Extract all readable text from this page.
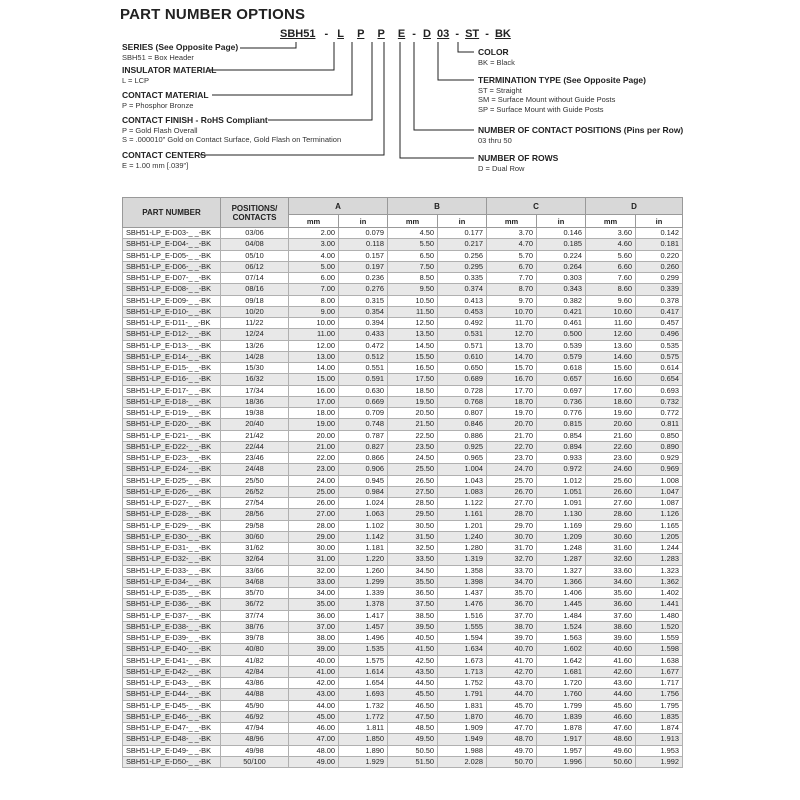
PART NUMBER OPTIONS
SBH51 - L P P E - D 03 - ST - BK
SERIES (See Opposite Page)
SBH51 = Box Header
INSULATOR MATERIAL
L = LCP
CONTACT MATERIAL
P = Phosphor Bronze
CONTACT FINISH - RoHS Compliant
P = Gold Flash Overall
S = .000010" Gold on Contact Surface, Gold Flash on Termination
CONTACT CENTERS
E = 1.00 mm [.039"]
COLOR
BK = Black
TERMINATION TYPE (See Opposite Page)
ST = Straight
SM = Surface Mount without Guide Posts
SP = Surface Mount with Guide Posts
NUMBER OF CONTACT POSITIONS (Pins per Row)
03 thru 50
NUMBER OF ROWS
D = Dual Row
PART NUMBER	POSITIONS/ CONTACTS	A		B		C		D	
		mm	in	mm	in	mm	in	mm	in
SBH51-LP_E-D03-_ _-BK	03/06	2.00	0.079	4.50	0.177	3.70	0.146	3.60	0.142
SBH51-LP_E-D04-_ _-BK	04/08	3.00	0.118	5.50	0.217	4.70	0.185	4.60	0.181
SBH51-LP_E-D05-_ _-BK	05/10	4.00	0.157	6.50	0.256	5.70	0.224	5.60	0.220
SBH51-LP_E-D06-_ _-BK	06/12	5.00	0.197	7.50	0.295	6.70	0.264	6.60	0.260
SBH51-LP_E-D07-_ _-BK	07/14	6.00	0.236	8.50	0.335	7.70	0.303	7.60	0.299
SBH51-LP_E-D08-_ _-BK	08/16	7.00	0.276	9.50	0.374	8.70	0.343	8.60	0.339
SBH51-LP_E-D09-_ _-BK	09/18	8.00	0.315	10.50	0.413	9.70	0.382	9.60	0.378
SBH51-LP_E-D10-_ _-BK	10/20	9.00	0.354	11.50	0.453	10.70	0.421	10.60	0.417
SBH51-LP_E-D11-_ _-BK	11/22	10.00	0.394	12.50	0.492	11.70	0.461	11.60	0.457
SBH51-LP_E-D12-_ _-BK	12/24	11.00	0.433	13.50	0.531	12.70	0.500	12.60	0.496
SBH51-LP_E-D13-_ _-BK	13/26	12.00	0.472	14.50	0.571	13.70	0.539	13.60	0.535
SBH51-LP_E-D14-_ _-BK	14/28	13.00	0.512	15.50	0.610	14.70	0.579	14.60	0.575
SBH51-LP_E-D15-_ _-BK	15/30	14.00	0.551	16.50	0.650	15.70	0.618	15.60	0.614
SBH51-LP_E-D16-_ _-BK	16/32	15.00	0.591	17.50	0.689	16.70	0.657	16.60	0.654
SBH51-LP_E-D17-_ _-BK	17/34	16.00	0.630	18.50	0.728	17.70	0.697	17.60	0.693
SBH51-LP_E-D18-_ _-BK	18/36	17.00	0.669	19.50	0.768	18.70	0.736	18.60	0.732
SBH51-LP_E-D19-_ _-BK	19/38	18.00	0.709	20.50	0.807	19.70	0.776	19.60	0.772
SBH51-LP_E-D20-_ _-BK	20/40	19.00	0.748	21.50	0.846	20.70	0.815	20.60	0.811
SBH51-LP_E-D21-_ _-BK	21/42	20.00	0.787	22.50	0.886	21.70	0.854	21.60	0.850
SBH51-LP_E-D22-_ _-BK	22/44	21.00	0.827	23.50	0.925	22.70	0.894	22.60	0.890
SBH51-LP_E-D23-_ _-BK	23/46	22.00	0.866	24.50	0.965	23.70	0.933	23.60	0.929
SBH51-LP_E-D24-_ _-BK	24/48	23.00	0.906	25.50	1.004	24.70	0.972	24.60	0.969
SBH51-LP_E-D25-_ _-BK	25/50	24.00	0.945	26.50	1.043	25.70	1.012	25.60	1.008
SBH51-LP_E-D26-_ _-BK	26/52	25.00	0.984	27.50	1.083	26.70	1.051	26.60	1.047
SBH51-LP_E-D27-_ _-BK	27/54	26.00	1.024	28.50	1.122	27.70	1.091	27.60	1.087
SBH51-LP_E-D28-_ _-BK	28/56	27.00	1.063	29.50	1.161	28.70	1.130	28.60	1.126
SBH51-LP_E-D29-_ _-BK	29/58	28.00	1.102	30.50	1.201	29.70	1.169	29.60	1.165
SBH51-LP_E-D30-_ _-BK	30/60	29.00	1.142	31.50	1.240	30.70	1.209	30.60	1.205
SBH51-LP_E-D31-_ _-BK	31/62	30.00	1.181	32.50	1.280	31.70	1.248	31.60	1.244
SBH51-LP_E-D32-_ _-BK	32/64	31.00	1.220	33.50	1.319	32.70	1.287	32.60	1.283
SBH51-LP_E-D33-_ _-BK	33/66	32.00	1.260	34.50	1.358	33.70	1.327	33.60	1.323
SBH51-LP_E-D34-_ _-BK	34/68	33.00	1.299	35.50	1.398	34.70	1.366	34.60	1.362
SBH51-LP_E-D35-_ _-BK	35/70	34.00	1.339	36.50	1.437	35.70	1.406	35.60	1.402
SBH51-LP_E-D36-_ _-BK	36/72	35.00	1.378	37.50	1.476	36.70	1.445	36.60	1.441
SBH51-LP_E-D37-_ _-BK	37/74	36.00	1.417	38.50	1.516	37.70	1.484	37.60	1.480
SBH51-LP_E-D38-_ _-BK	38/76	37.00	1.457	39.50	1.555	38.70	1.524	38.60	1.520
SBH51-LP_E-D39-_ _-BK	39/78	38.00	1.496	40.50	1.594	39.70	1.563	39.60	1.559
SBH51-LP_E-D40-_ _-BK	40/80	39.00	1.535	41.50	1.634	40.70	1.602	40.60	1.598
SBH51-LP_E-D41-_ _-BK	41/82	40.00	1.575	42.50	1.673	41.70	1.642	41.60	1.638
SBH51-LP_E-D42-_ _-BK	42/84	41.00	1.614	43.50	1.713	42.70	1.681	42.60	1.677
SBH51-LP_E-D43-_ _-BK	43/86	42.00	1.654	44.50	1.752	43.70	1.720	43.60	1.717
SBH51-LP_E-D44-_ _-BK	44/88	43.00	1.693	45.50	1.791	44.70	1.760	44.60	1.756
SBH51-LP_E-D45-_ _-BK	45/90	44.00	1.732	46.50	1.831	45.70	1.799	45.60	1.795
SBH51-LP_E-D46-_ _-BK	46/92	45.00	1.772	47.50	1.870	46.70	1.839	46.60	1.835
SBH51-LP_E-D47-_ _-BK	47/94	46.00	1.811	48.50	1.909	47.70	1.878	47.60	1.874
SBH51-LP_E-D48-_ _-BK	48/96	47.00	1.850	49.50	1.949	48.70	1.917	48.60	1.913
SBH51-LP_E-D49-_ _-BK	49/98	48.00	1.890	50.50	1.988	49.70	1.957	49.60	1.953
SBH51-LP_E-D50-_ _-BK	50/100	49.00	1.929	51.50	2.028	50.70	1.996	50.60	1.992
